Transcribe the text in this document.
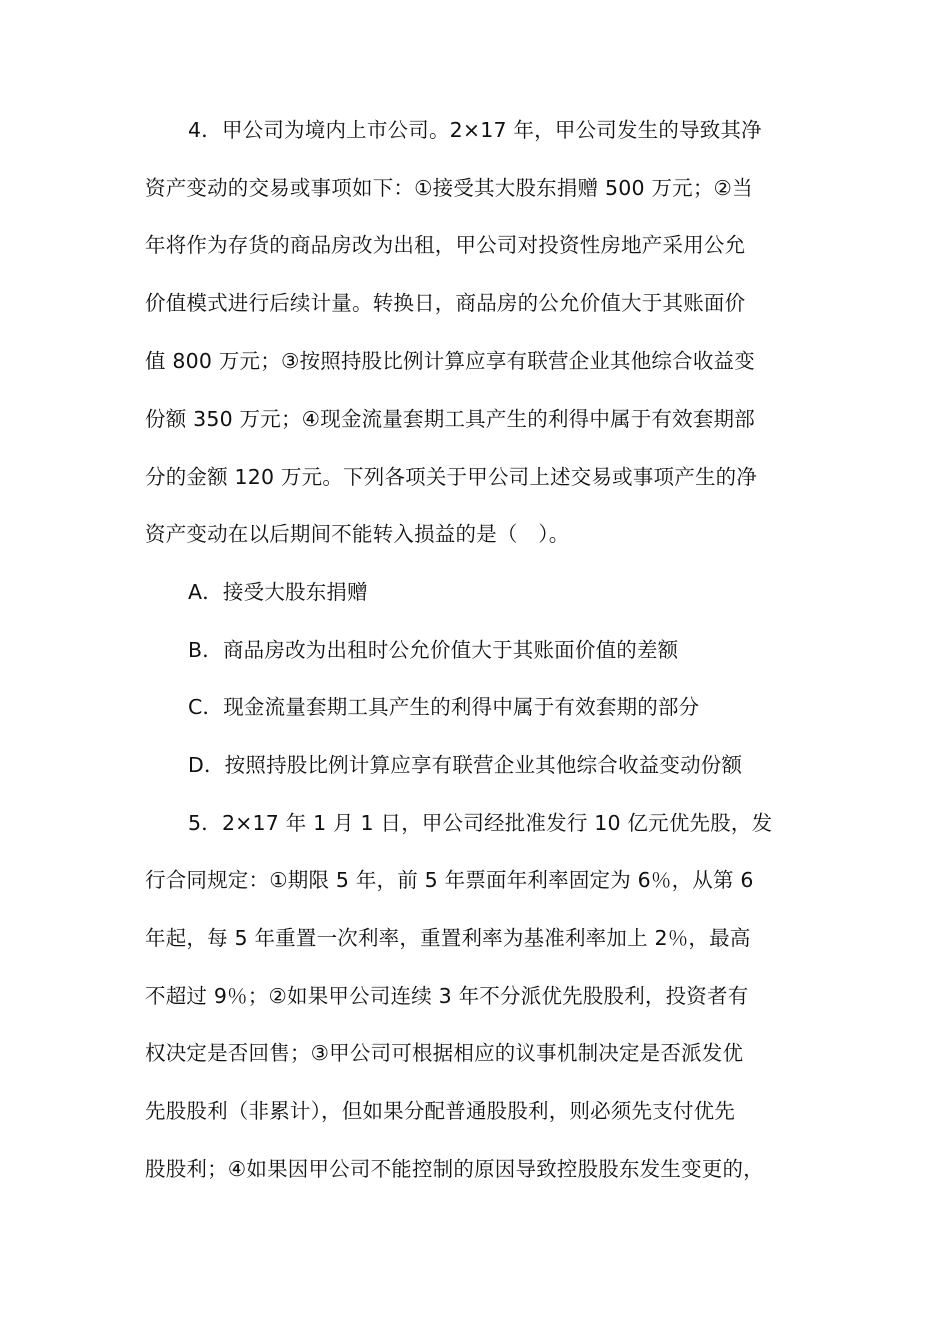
4．甲公司为境内上市公司。2×17 年，甲公司发生的导致其净
资产变动的交易或事项如下：①接受其大股东捐赠 500 万元；②当
年将作为存货的商品房改为出租，甲公司对投资性房地产采用公允
价值模式进行后续计量。转换日，商品房的公允价值大于其账面价
值 800 万元；③按照持股比例计算应享有联营企业其他综合收益变
份额 350 万元；④现金流量套期工具产生的利得中属于有效套期部
分的金额 120 万元。下列各项关于甲公司上述交易或事项产生的净
资产变动在以后期间不能转入损益的是（　）。
A．接受大股东捐赠
B．商品房改为出租时公允价值大于其账面价值的差额
C．现金流量套期工具产生的利得中属于有效套期的部分
D．按照持股比例计算应享有联营企业其他综合收益变动份额
5．2×17 年 1 月 1 日，甲公司经批准发行 10 亿元优先股，发
行合同规定：①期限 5 年，前 5 年票面年利率固定为 6％，从第 6
年起，每 5 年重置一次利率，重置利率为基准利率加上 2％，最高
不超过 9％；②如果甲公司连续 3 年不分派优先股股利，投资者有
权决定是否回售；③甲公司可根据相应的议事机制决定是否派发优
先股股利（非累计），但如果分配普通股股利，则必须先支付优先
股股利；④如果因甲公司不能控制的原因导致控股股东发生变更的，
